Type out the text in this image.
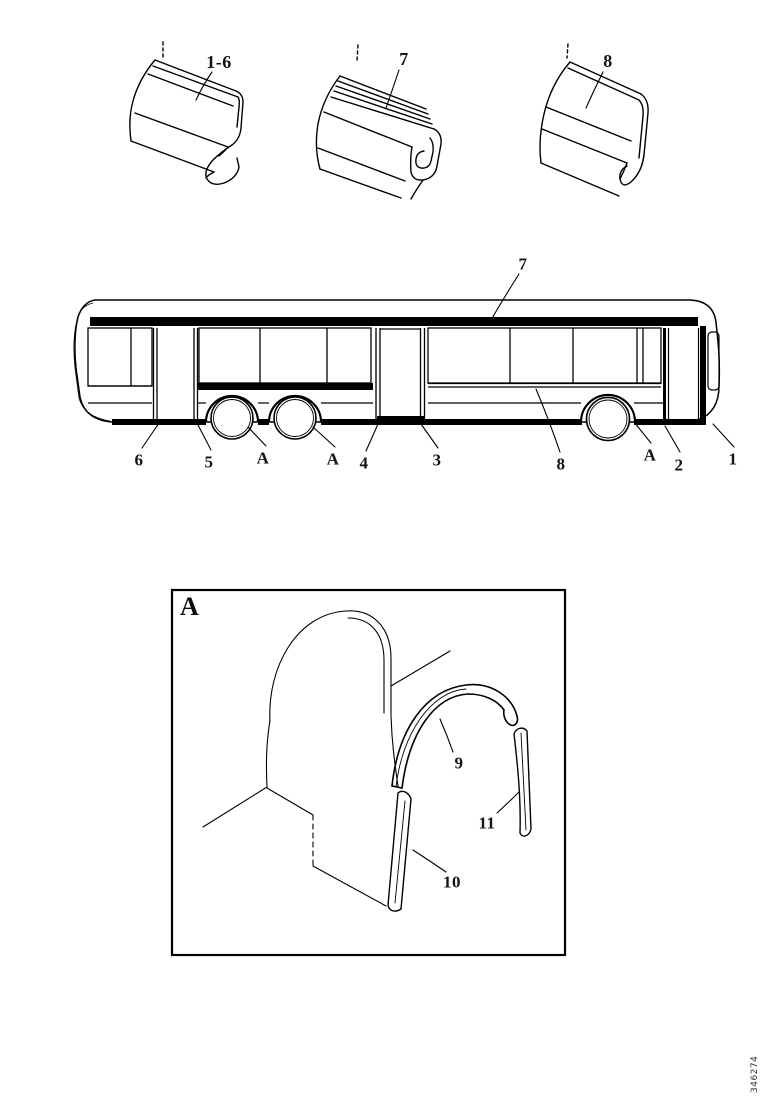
1-6	7	8
7
6	5	A	A 4	3	8	A
2	1
A
9
10
11
346274
